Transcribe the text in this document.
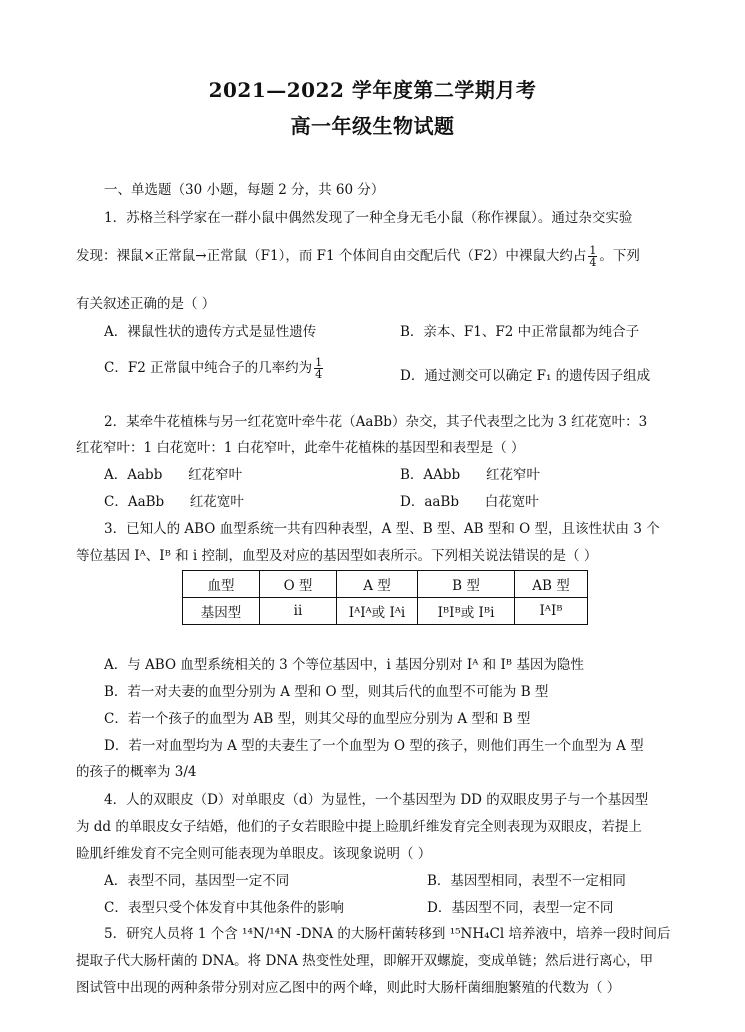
2021—2022 学年度第二学期月考
高一年级生物试题
一、单选题（30 小题，每题 2 分，共 60 分）
1．苏格兰科学家在一群小鼠中偶然发现了一种全身无毛小鼠（称作裸鼠）。通过杂交实验
发现：裸鼠×正常鼠→正常鼠（F1），而 F1 个体间自由交配后代（F2）中裸鼠大约占 $\frac{1}{4}$ 。下列
有关叙述正确的是（ ）
A．裸鼠性状的遗传方式是显性遗传	B．亲本、F1、F2 中正常鼠都为纯合子
C．F2 正常鼠中纯合子的几率约为 $\frac{1}{4}$	D．通过测交可以确定 F₁ 的遗传因子组成
2．某牵牛花植株与另一红花宽叶牵牛花（AaBb）杂交，其子代表型之比为 3 红花宽叶：3
红花窄叶：1 白花宽叶：1 白花窄叶，此牵牛花植株的基因型和表型是（ ）
A．Aabb      红花窄叶	B．AAbb      红花窄叶
C．AaBb      红花宽叶	D．aaBb      白花宽叶
3．已知人的 ABO 血型系统一共有四种表型，A 型、B 型、AB 型和 O 型，且该性状由 3 个
等位基因 Iᴬ、Iᴮ 和 i 控制，血型及对应的基因型如表所示。下列相关说法错误的是（ ）
血型	O 型	A 型	B 型	AB 型
基因型	ii	IᴬIᴬ或 Iᴬi	IᴮIᴮ或 Iᴮi	IᴬIᴮ
A．与 ABO 血型系统相关的 3 个等位基因中，i 基因分别对 Iᴬ 和 Iᴮ 基因为隐性
B．若一对夫妻的血型分别为 A 型和 O 型，则其后代的血型不可能为 B 型
C．若一个孩子的血型为 AB 型，则其父母的血型应分别为 A 型和 B 型
D．若一对血型均为 A 型的夫妻生了一个血型为 O 型的孩子，则他们再生一个血型为 A 型
的孩子的概率为 3/4
4．人的双眼皮（D）对单眼皮（d）为显性，一个基因型为 DD 的双眼皮男子与一个基因型
为 dd 的单眼皮女子结婚，他们的子女若眼睑中提上睑肌纤维发育完全则表现为双眼皮，若提上
睑肌纤维发育不完全则可能表现为单眼皮。该现象说明（ ）
A．表型不同，基因型一定不同	B．基因型相同，表型不一定相同
C．表型只受个体发育中其他条件的影响	D．基因型不同，表型一定不同
5．研究人员将 1 个含 ¹⁴N/¹⁴N -DNA 的大肠杆菌转移到 ¹⁵NH₄Cl 培养液中，培养一段时间后
提取子代大肠杆菌的 DNA。将 DNA 热变性处理，即解开双螺旋，变成单链；然后进行离心，甲
图试管中出现的两种条带分别对应乙图中的两个峰，则此时大肠杆菌细胞繁殖的代数为（ ）
